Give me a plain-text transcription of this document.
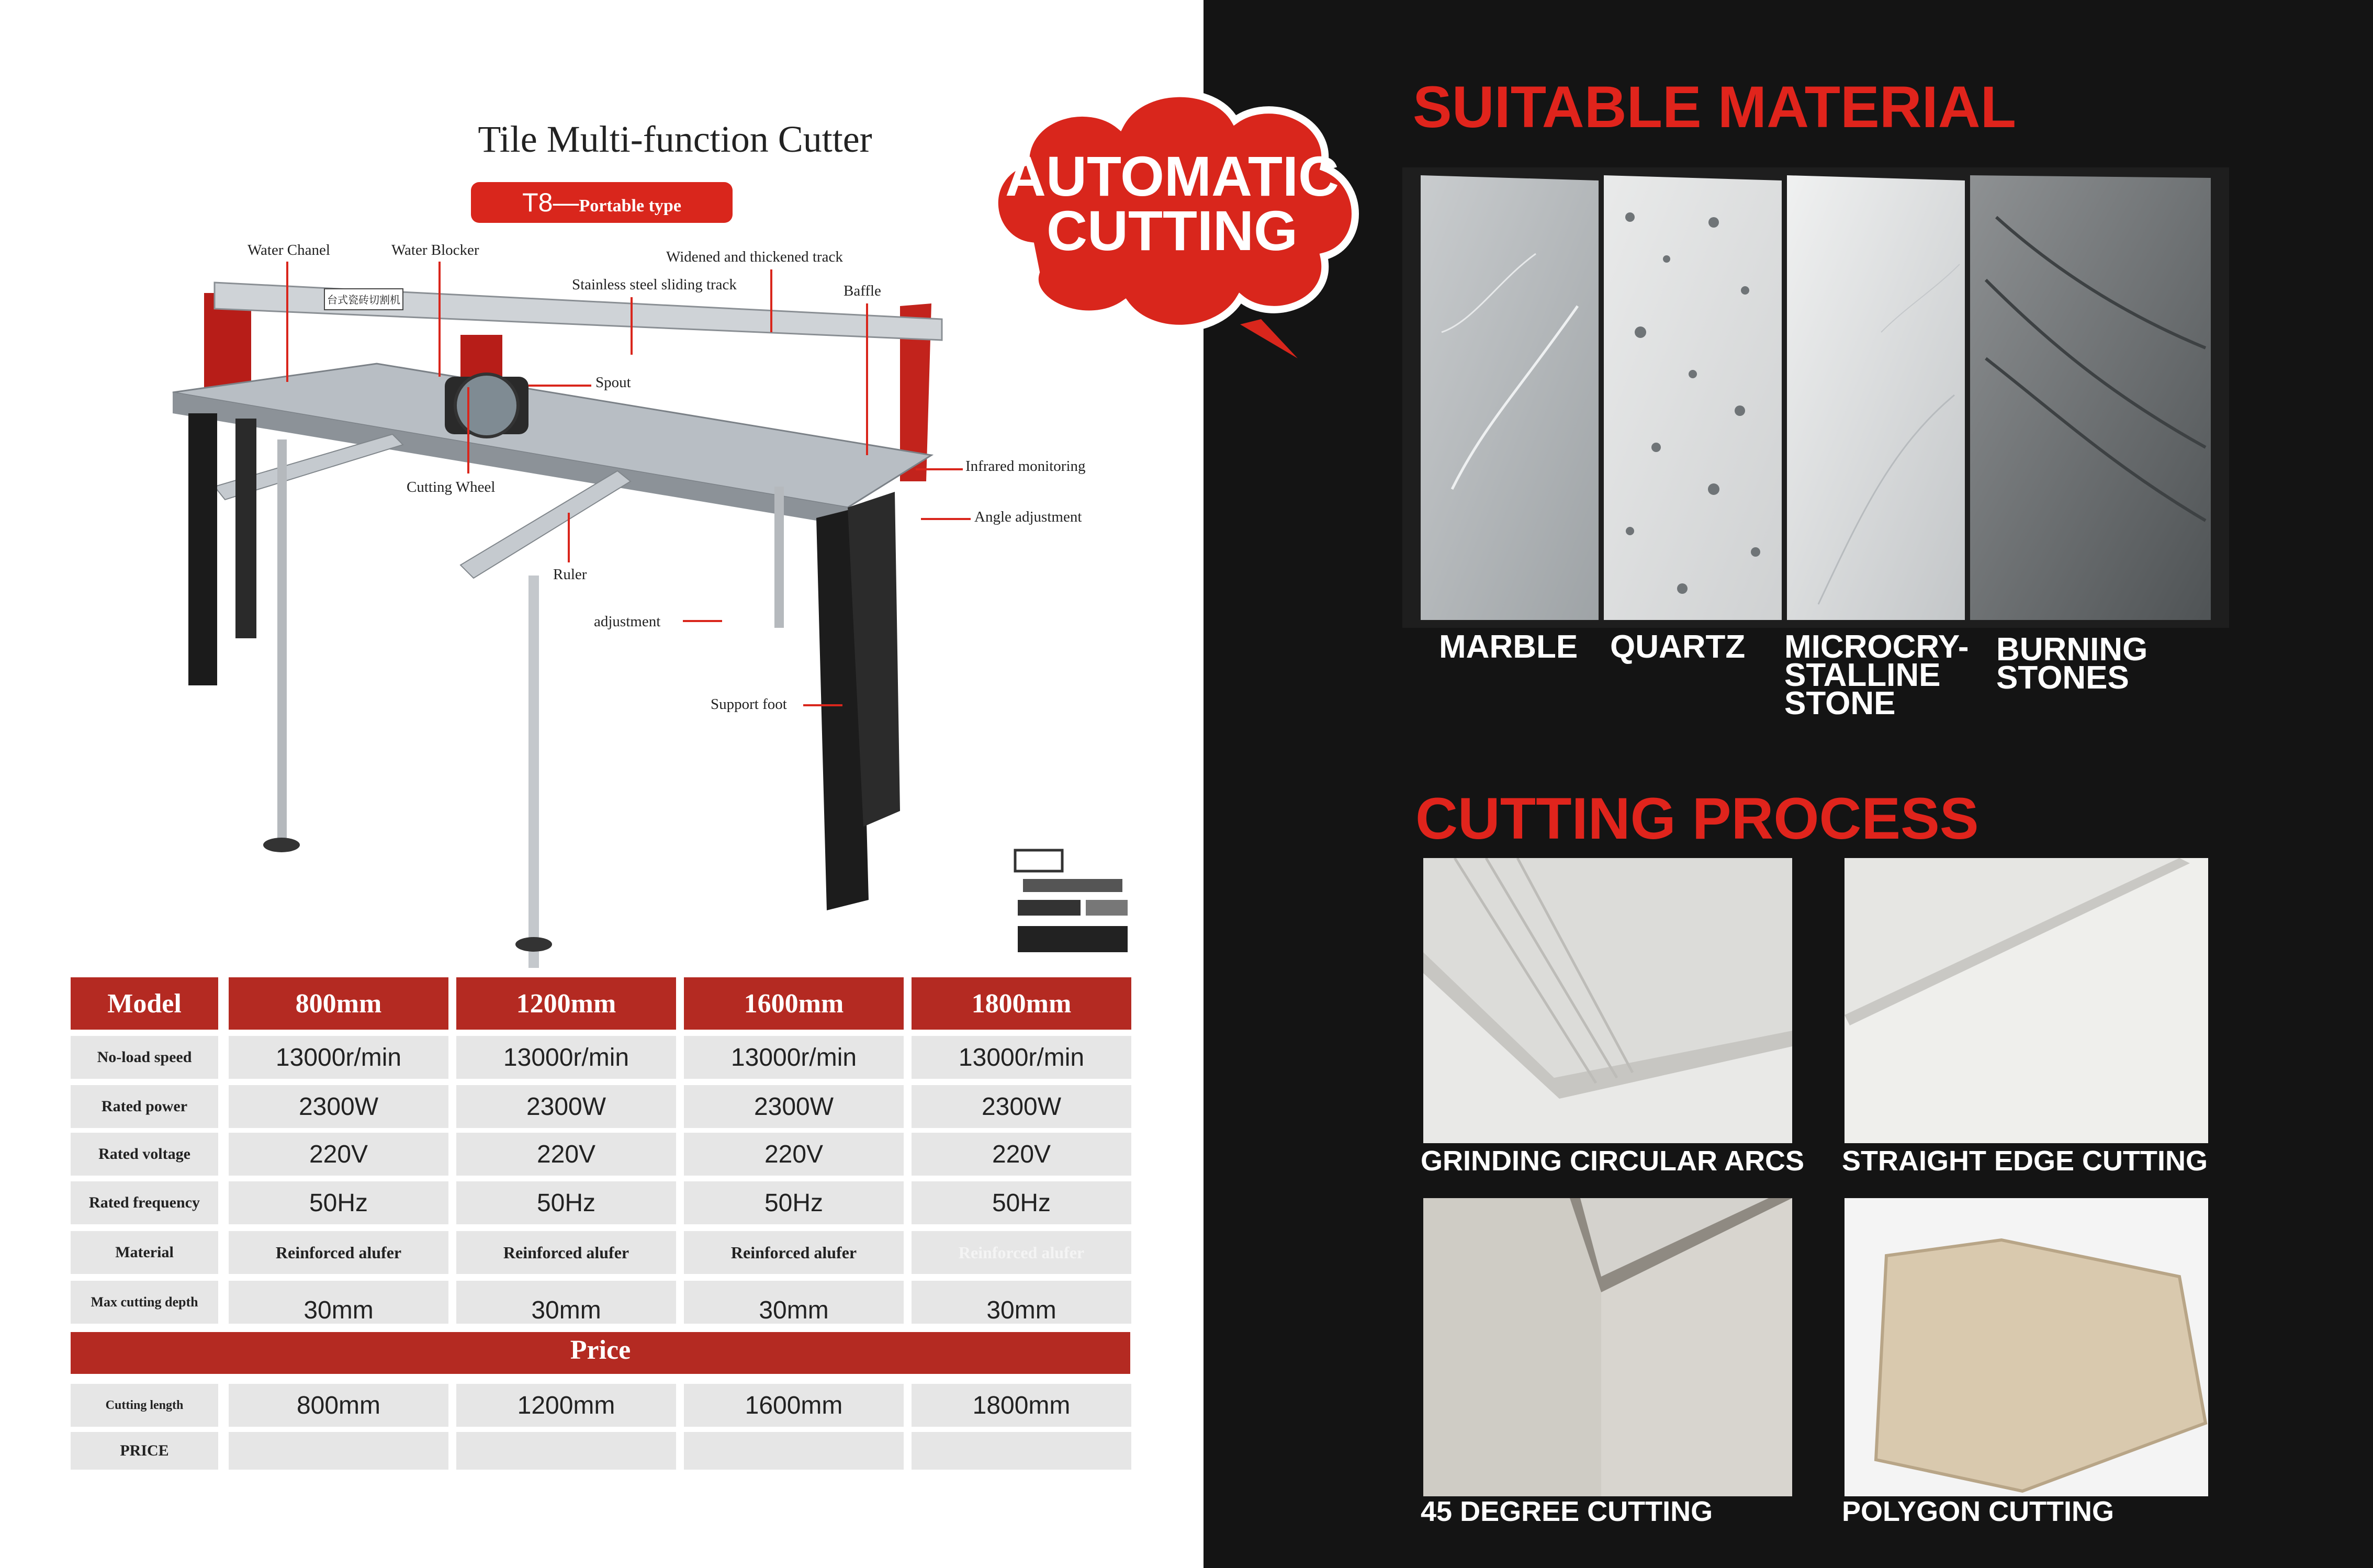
Tile Multi-function Cutter
T8—Portable type
台式瓷砖切割机
Water Chanel	Water Blocker	Widened and thickened track
Stainless steel sliding track	Baffle
Spout
Infrared monitoring
Cutting Wheel
Angle adjustment
Ruler
adjustment
Support foot
Model	800mm	1200mm	1600mm	1800mm
No-load speed	13000r/min	13000r/min	13000r/min	13000r/min
Rated power	2300W	2300W	2300W	2300W
Rated voltage	220V	220V	220V	220V
Rated frequency	50Hz	50Hz	50Hz	50Hz
Material	Reinforced alufer	Reinforced alufer	Reinforced alufer	Reinforced alufer
Max cutting depth	30mm	30mm	30mm	30mm
Price
Cutting length	800mm	1200mm	1600mm	1800mm
PRICE
AUTOMATIC
CUTTING
SUITABLE MATERIAL
MARBLE QUARTZ MICROCRY-
STALLINE
STONE
BURNING
STONES
CUTTING PROCESS
GRINDING CIRCULAR ARCS STRAIGHT EDGE CUTTING
45 DEGREE CUTTING	POLYGON CUTTING
